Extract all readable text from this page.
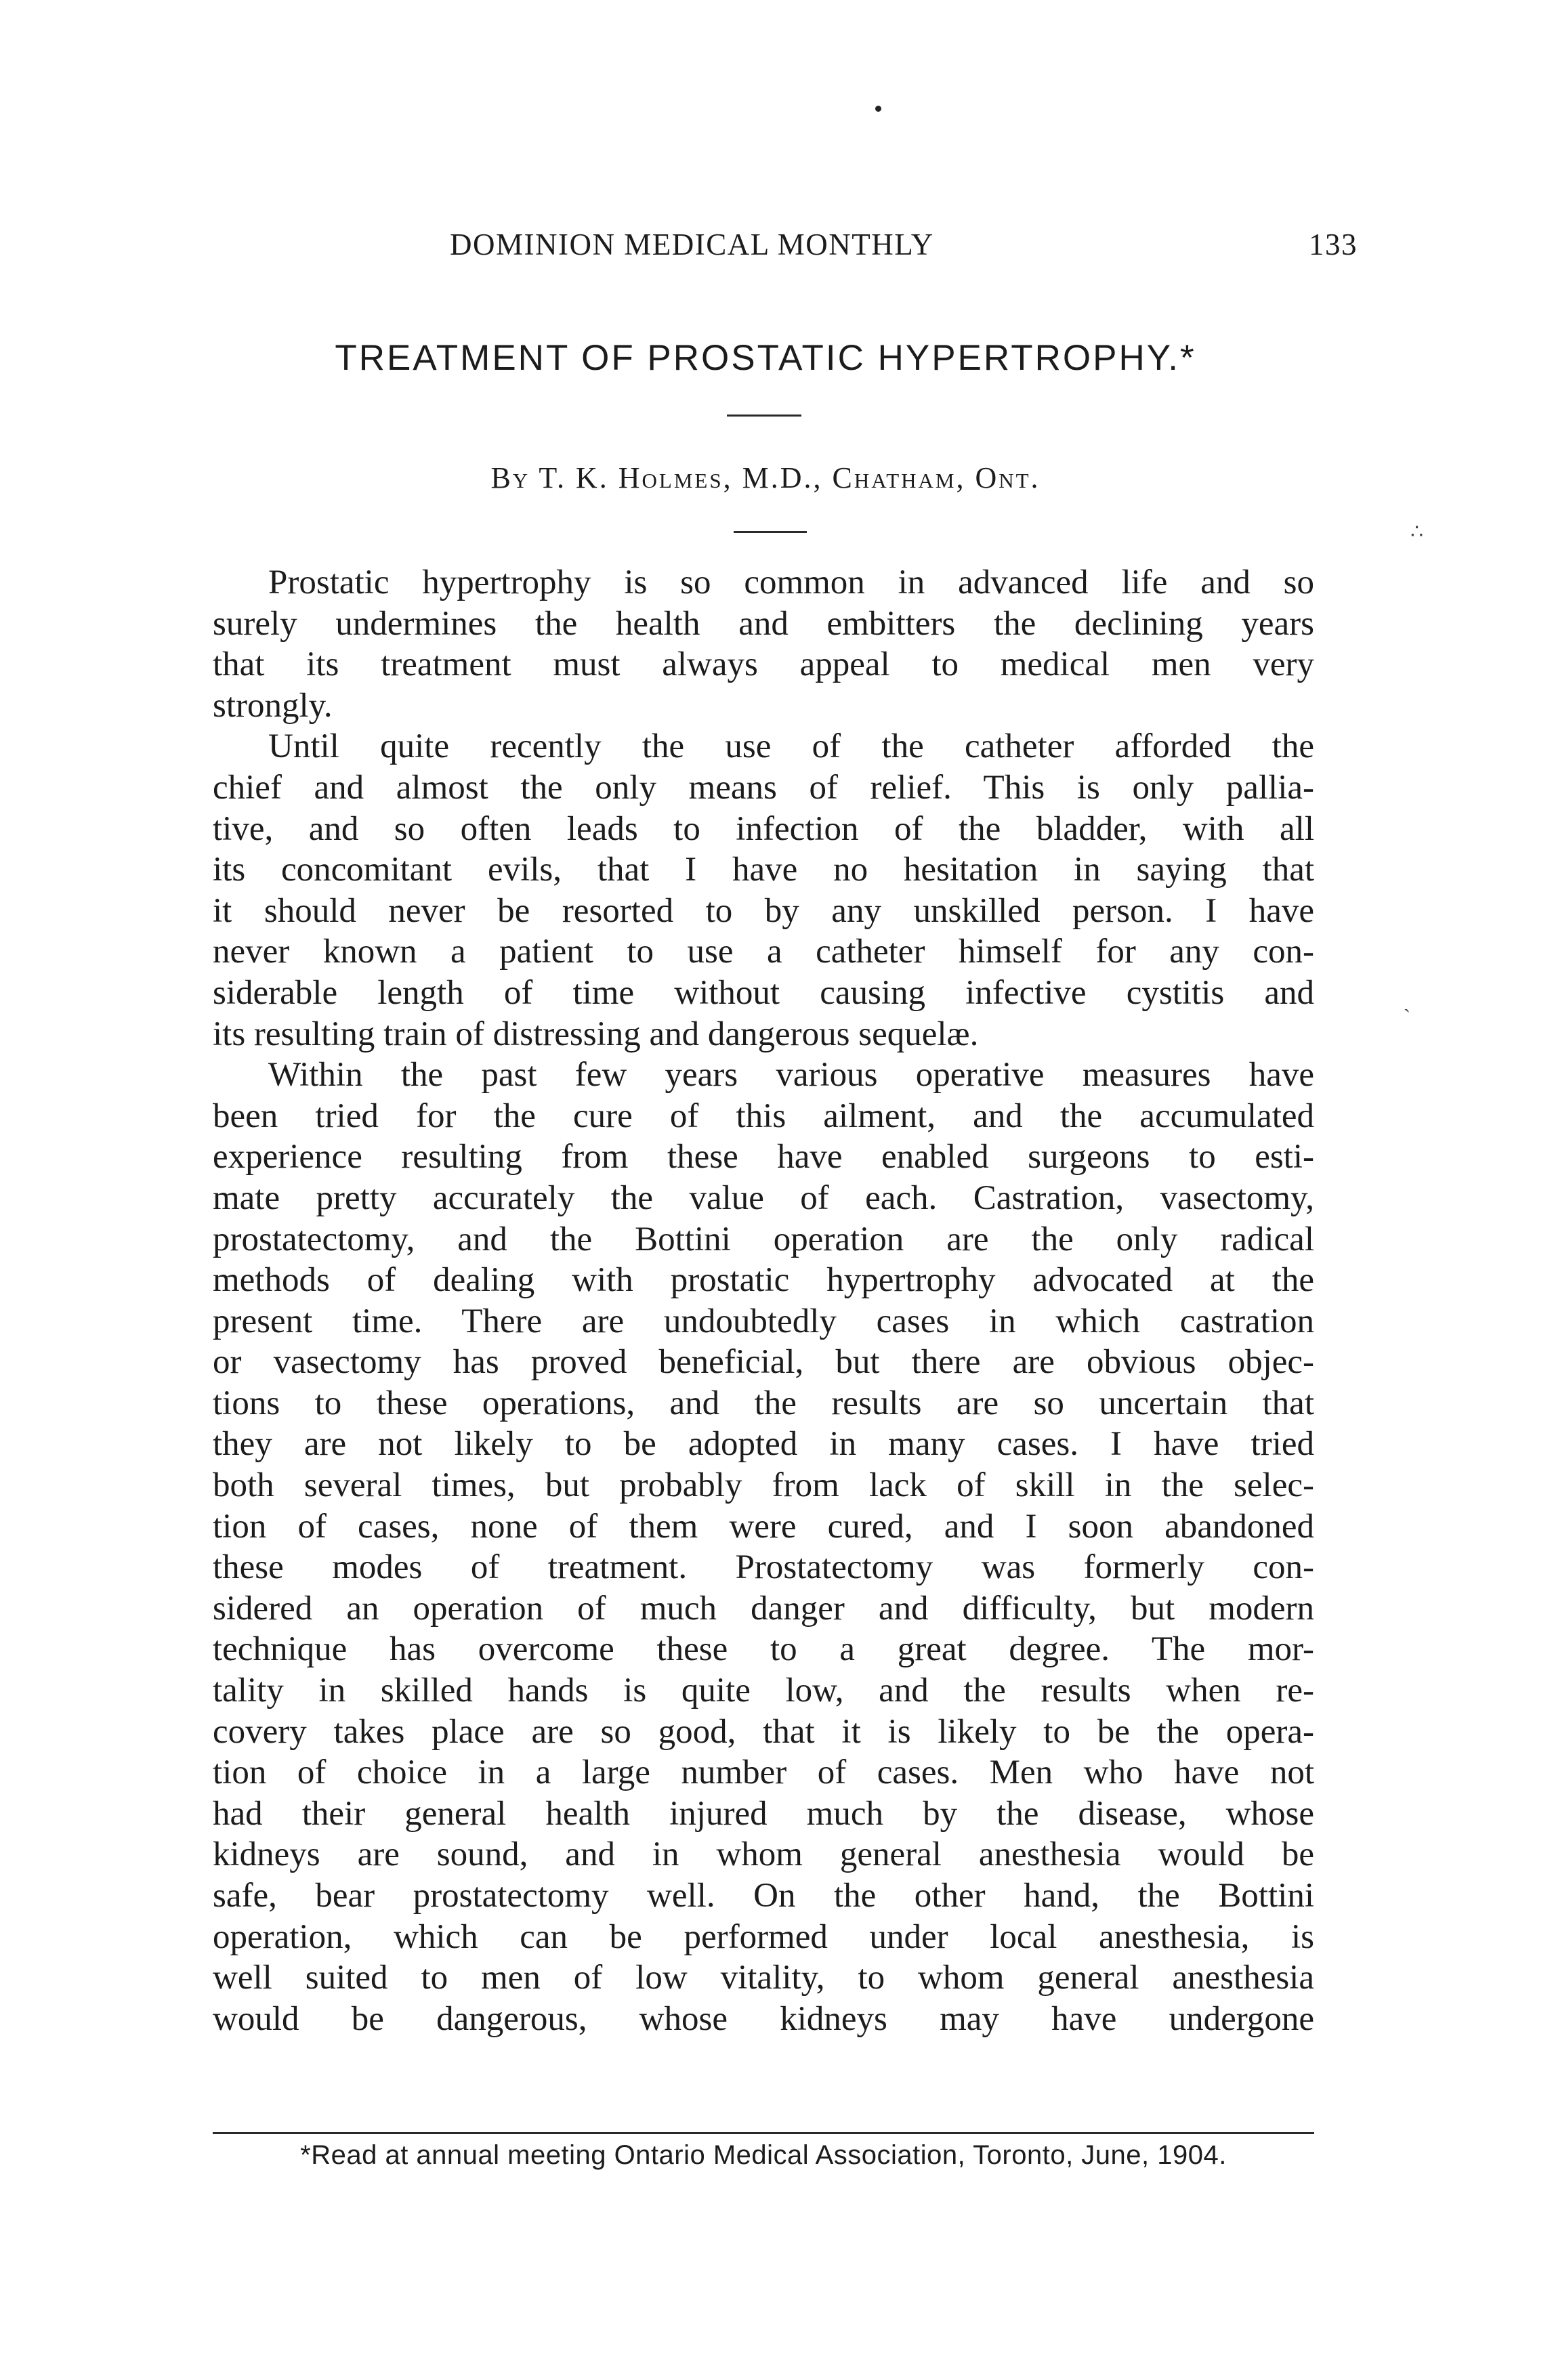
DOMINION MEDICAL MONTHLY	133
TREATMENT OF PROSTATIC HYPERTROPHY.*
By T. K. Holmes, M.D., Chatham, Ont.
∴
ˏ
Prostatic hypertrophy is so common in advanced life and so
surely undermines the health and embitters the declining years
that its treatment must always appeal to medical men very
strongly.
Until quite recently the use of the catheter afforded the
chief and almost the only means of relief. This is only pallia-
tive, and so often leads to infection of the bladder, with all
its concomitant evils, that I have no hesitation in saying that
it should never be resorted to by any unskilled person. I have
never known a patient to use a catheter himself for any con-
siderable length of time without causing infective cystitis and
its resulting train of distressing and dangerous sequelæ.
Within the past few years various operative measures have
been tried for the cure of this ailment, and the accumulated
experience resulting from these have enabled surgeons to esti-
mate pretty accurately the value of each. Castration, vasectomy,
prostatectomy, and the Bottini operation are the only radical
methods of dealing with prostatic hypertrophy advocated at the
present time. There are undoubtedly cases in which castration
or vasectomy has proved beneficial, but there are obvious objec-
tions to these operations, and the results are so uncertain that
they are not likely to be adopted in many cases. I have tried
both several times, but probably from lack of skill in the selec-
tion of cases, none of them were cured, and I soon abandoned
these modes of treatment. Prostatectomy was formerly con-
sidered an operation of much danger and difficulty, but modern
technique has overcome these to a great degree. The mor-
tality in skilled hands is quite low, and the results when re-
covery takes place are so good, that it is likely to be the opera-
tion of choice in a large number of cases. Men who have not
had their general health injured much by the disease, whose
kidneys are sound, and in whom general anesthesia would be
safe, bear prostatectomy well. On the other hand, the Bottini
operation, which can be performed under local anesthesia, is
well suited to men of low vitality, to whom general anesthesia
would be dangerous, whose kidneys may have undergone
*Read at annual meeting Ontario Medical Association, Toronto, June, 1904.
